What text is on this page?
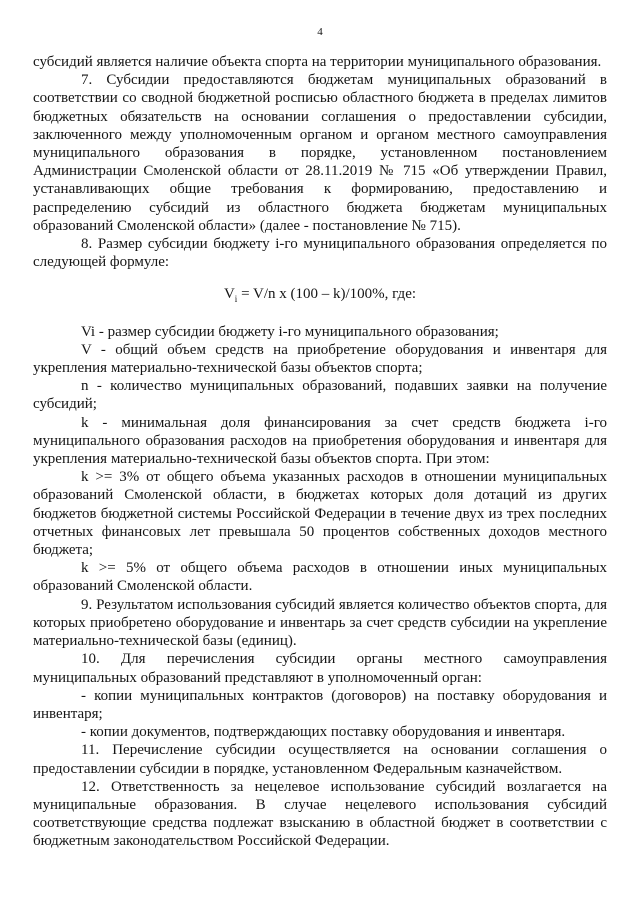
4

субсидий является наличие объекта спорта на территории муниципального образования.

7. Субсидии предоставляются бюджетам муниципальных образований в соответствии со сводной бюджетной росписью областного бюджета в пределах лимитов бюджетных обязательств на основании соглашения о предоставлении субсидии, заключенного между уполномоченным органом и органом местного самоуправления муниципального образования в порядке, установленном постановлением Администрации Смоленской области от 28.11.2019 № 715 «Об утверждении Правил, устанавливающих общие требования к формированию, предоставлению и распределению субсидий из областного бюджета бюджетам муниципальных образований Смоленской области» (далее - постановление № 715).

8. Размер субсидии бюджету i-го муниципального образования определяется по следующей формуле:

$V_i = V/n$ x (100 – k)/100%, где:

Vi - размер субсидии бюджету i-го муниципального образования;

V - общий объем средств на приобретение оборудования и инвентаря для укрепления материально-технической базы объектов спорта;

n - количество муниципальных образований, подавших заявки на получение субсидий;

k - минимальная доля финансирования за счет средств бюджета i-го муниципального образования расходов на приобретения оборудования и инвентаря для укрепления материально-технической базы объектов спорта. При этом:

k >= 3% от общего объема указанных расходов в отношении муниципальных образований Смоленской области, в бюджетах которых доля дотаций из других бюджетов бюджетной системы Российской Федерации в течение двух из трех последних отчетных финансовых лет превышала 50 процентов собственных доходов местного бюджета;

k >= 5% от общего объема расходов в отношении иных муниципальных образований Смоленской области.

9. Результатом использования субсидий является количество объектов спорта, для которых приобретено оборудование и инвентарь за счет средств субсидии на укрепление материально-технической базы (единиц).

10. Для перечисления субсидии органы местного самоуправления муниципальных образований представляют в уполномоченный орган:

- копии муниципальных контрактов (договоров) на поставку оборудования и инвентаря;

- копии документов, подтверждающих поставку оборудования и инвентаря.

11. Перечисление субсидии осуществляется на основании соглашения о предоставлении субсидии в порядке, установленном Федеральным казначейством.

12. Ответственность за нецелевое использование субсидий возлагается на муниципальные образования. В случае нецелевого использования субсидий соответствующие средства подлежат взысканию в областной бюджет в соответствии с бюджетным законодательством Российской Федерации.
